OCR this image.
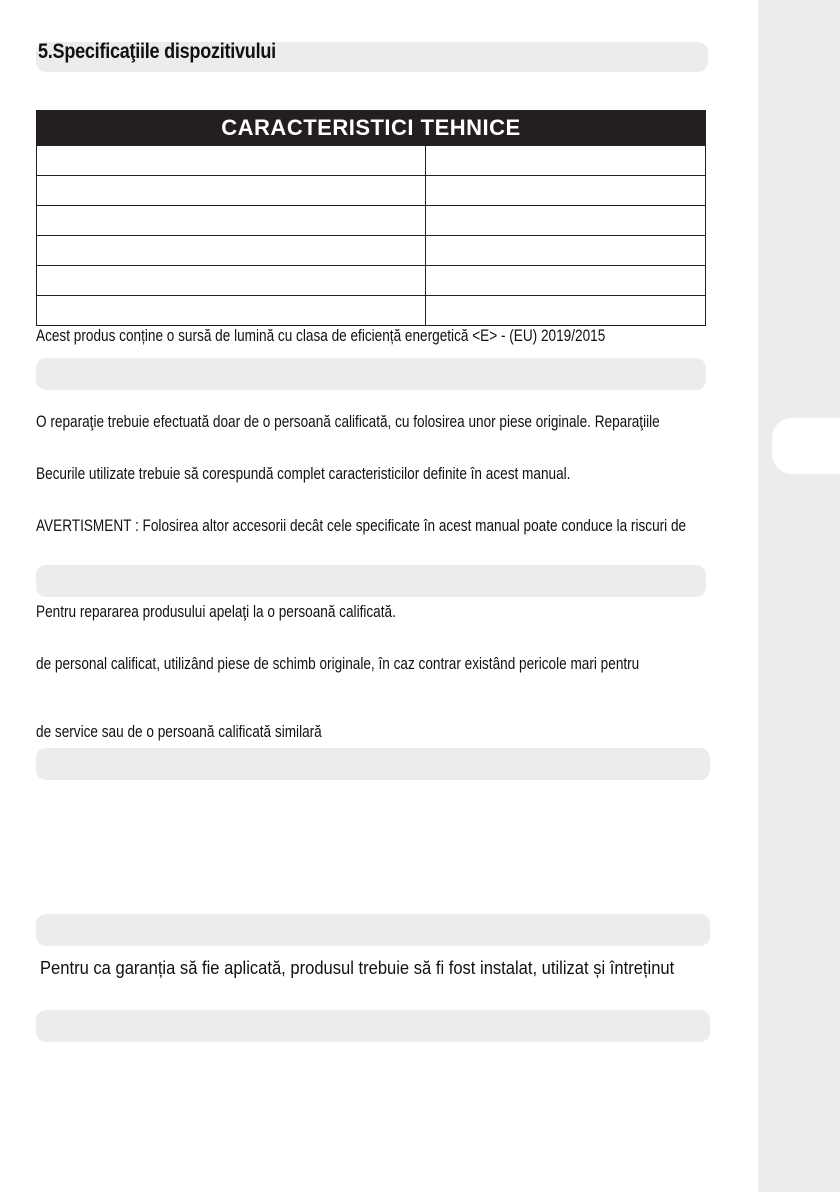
5.Specificaţiile dispozitivului
CARACTERISTICI TEHNICE	

Acest produs conține o sursă de lumină cu clasa de eficiență energetică <E> - (EU) 2019/2015
O reparaţie trebuie efectuată doar de o persoană calificată, cu folosirea unor piese originale. Reparaţiile
Becurile utilizate trebuie să corespundă complet caracteristicilor definite în acest manual.
AVERTISMENT : Folosirea altor accesorii decât cele specificate în acest manual poate conduce la riscuri de
Pentru repararea produsului apelaţi la o persoană calificată.
de personal calificat, utilizând piese de schimb originale, în caz contrar existând pericole mari pentru
de service sau de o persoană calificată similară
Pentru ca garanția să fie aplicată, produsul trebuie să fi fost instalat, utilizat și întreținut
